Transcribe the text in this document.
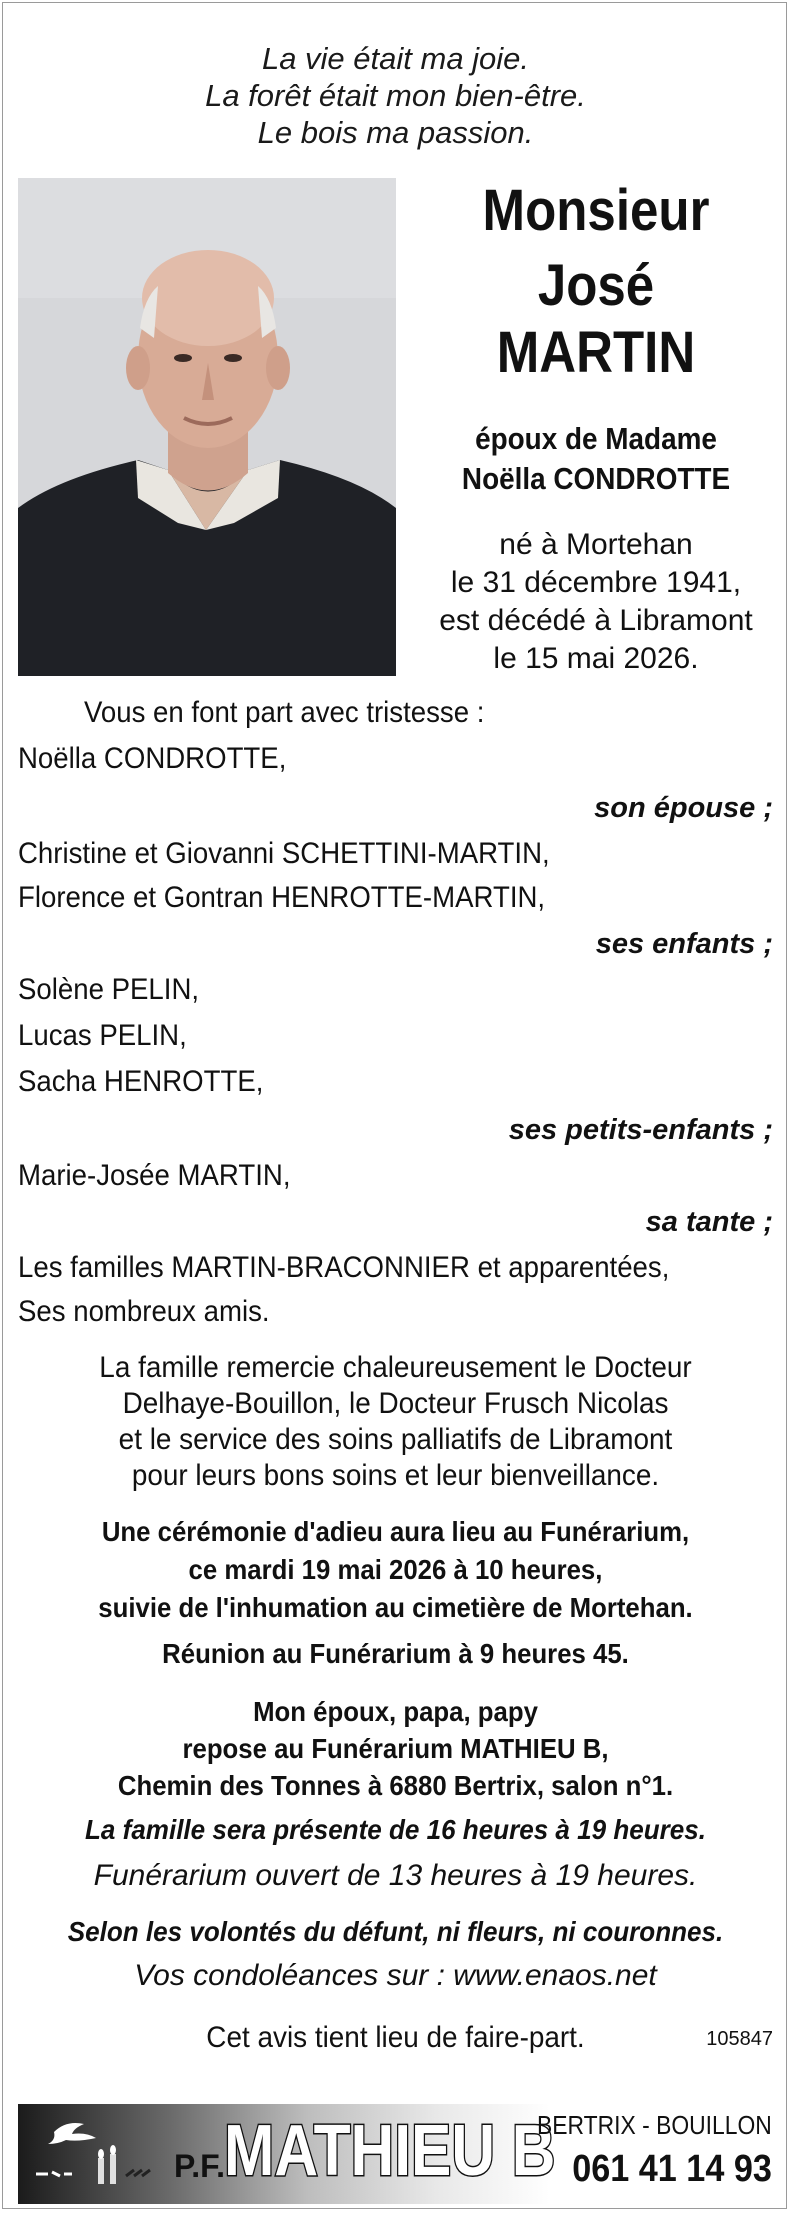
La vie était ma joie.
La forêt était mon bien-être.
Le bois ma passion.
Monsieur
José
MARTIN
époux de Madame
Noëlla CONDROTTE
né à Mortehan
le 31 décembre 1941,
est décédé à Libramont
le 15 mai 2026.
Vous en font part avec tristesse :
Noëlla CONDROTTE,
son épouse ;
Christine et Giovanni SCHETTINI-MARTIN,
Florence et Gontran HENROTTE-MARTIN,
ses enfants ;
Solène PELIN,
Lucas PELIN,
Sacha HENROTTE,
ses petits-enfants ;
Marie-Josée MARTIN,
sa tante ;
Les familles MARTIN-BRACONNIER et apparentées,
Ses nombreux amis.
La famille remercie chaleureusement le Docteur
Delhaye-Bouillon, le Docteur Frusch Nicolas
et le service des soins palliatifs de Libramont
pour leurs bons soins et leur bienveillance.
Une cérémonie d'adieu aura lieu au Funérarium,
ce mardi 19 mai 2026 à 10 heures,
suivie de l'inhumation au cimetière de Mortehan.
Réunion au Funérarium à 9 heures 45.
Mon époux, papa, papy
repose au Funérarium MATHIEU B,
Chemin des Tonnes à 6880 Bertrix, salon n°1.
La famille sera présente de 16 heures à 19 heures.
Funérarium ouvert de 13 heures à 19 heures.
Selon les volontés du défunt, ni fleurs, ni couronnes.
Vos condoléances sur : www.enaos.net
Cet avis tient lieu de faire-part.	105847
P.F. MATHIEU B
BERTRIX - BOUILLON
061 41 14 93
